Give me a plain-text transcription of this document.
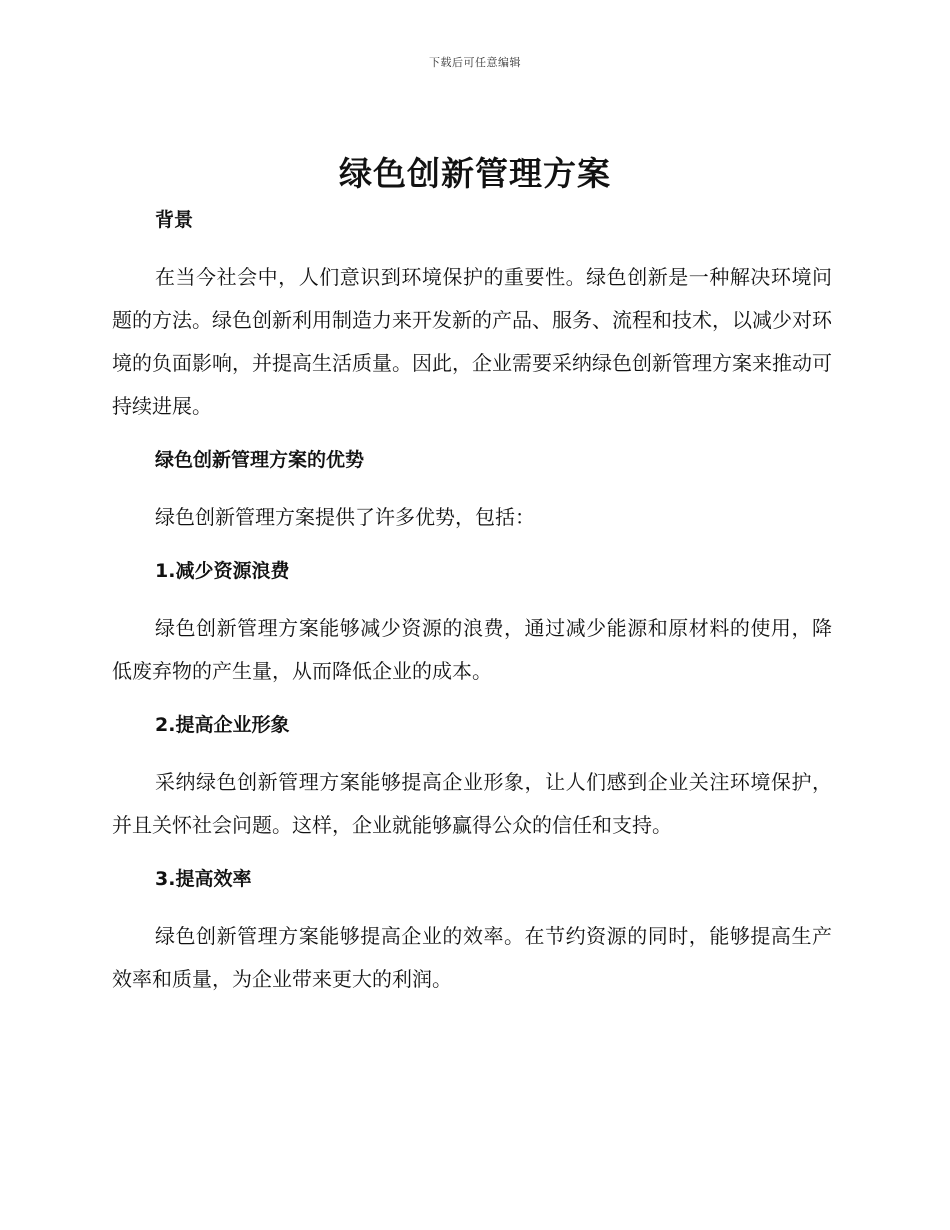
下载后可任意编辑
绿色创新管理方案
背景

在当今社会中，人们意识到环境保护的重要性。绿色创新是一种解决环境问题的方法。绿色创新利用制造力来开发新的产品、服务、流程和技术，以减少对环境的负面影响，并提高生活质量。因此，企业需要采纳绿色创新管理方案来推动可持续进展。

绿色创新管理方案的优势

绿色创新管理方案提供了许多优势，包括：

1.减少资源浪费

绿色创新管理方案能够减少资源的浪费，通过减少能源和原材料的使用，降低废弃物的产生量，从而降低企业的成本。

2.提高企业形象

采纳绿色创新管理方案能够提高企业形象，让人们感到企业关注环境保护，并且关怀社会问题。这样，企业就能够赢得公众的信任和支持。

3.提高效率

绿色创新管理方案能够提高企业的效率。在节约资源的同时，能够提高生产效率和质量，为企业带来更大的利润。
